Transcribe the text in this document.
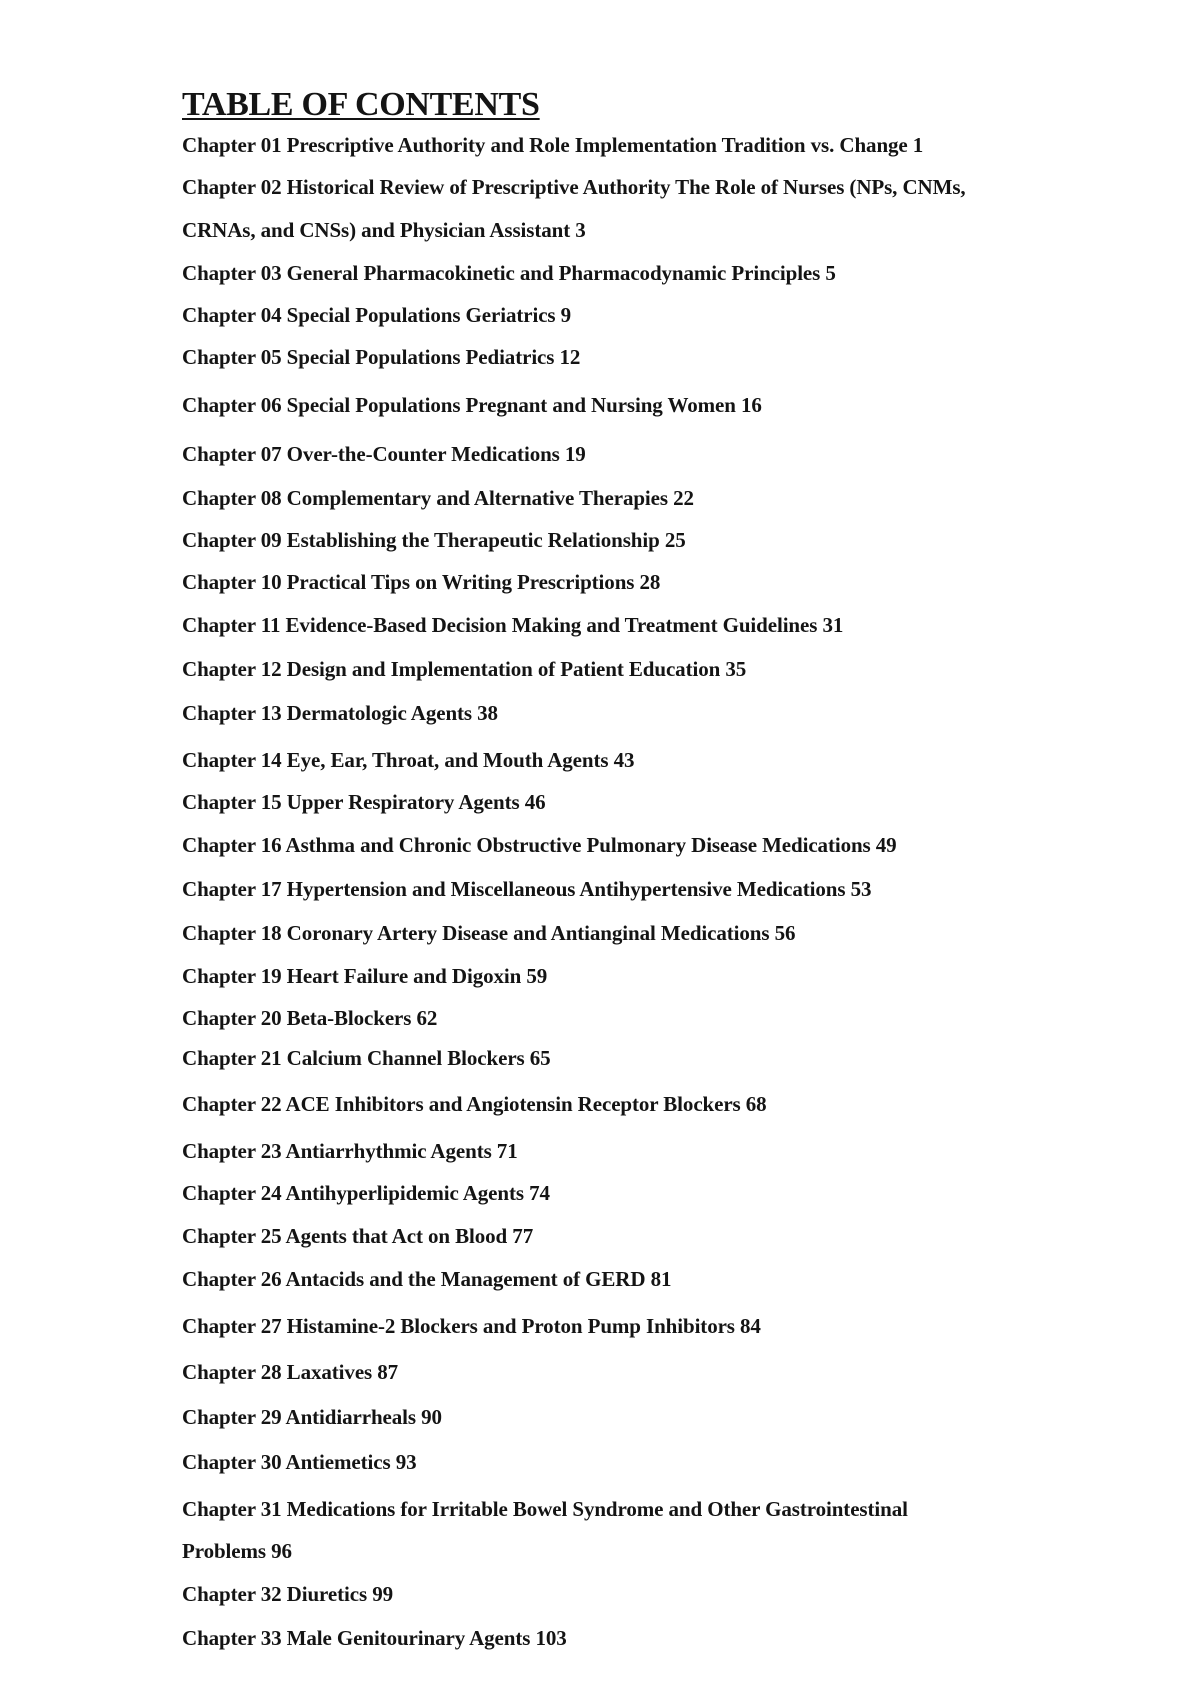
TABLE OF CONTENTS
Chapter 01 Prescriptive Authority and Role Implementation Tradition vs. Change 1
Chapter 02 Historical Review of Prescriptive Authority The Role of Nurses (NPs, CNMs,
CRNAs, and CNSs) and Physician Assistant 3
Chapter 03 General Pharmacokinetic and Pharmacodynamic Principles 5
Chapter 04 Special Populations Geriatrics 9
Chapter 05 Special Populations Pediatrics 12
Chapter 06 Special Populations Pregnant and Nursing Women 16
Chapter 07 Over-the-Counter Medications 19
Chapter 08 Complementary and Alternative Therapies 22
Chapter 09 Establishing the Therapeutic Relationship 25
Chapter 10 Practical Tips on Writing Prescriptions 28
Chapter 11 Evidence-Based Decision Making and Treatment Guidelines 31
Chapter 12 Design and Implementation of Patient Education 35
Chapter 13 Dermatologic Agents 38
Chapter 14 Eye, Ear, Throat, and Mouth Agents 43
Chapter 15 Upper Respiratory Agents 46
Chapter 16 Asthma and Chronic Obstructive Pulmonary Disease Medications 49
Chapter 17 Hypertension and Miscellaneous Antihypertensive Medications 53
Chapter 18 Coronary Artery Disease and Antianginal Medications 56
Chapter 19 Heart Failure and Digoxin 59
Chapter 20 Beta-Blockers 62
Chapter 21 Calcium Channel Blockers 65
Chapter 22 ACE Inhibitors and Angiotensin Receptor Blockers 68
Chapter 23 Antiarrhythmic Agents 71
Chapter 24 Antihyperlipidemic Agents 74
Chapter 25 Agents that Act on Blood 77
Chapter 26 Antacids and the Management of GERD 81
Chapter 27 Histamine-2 Blockers and Proton Pump Inhibitors 84
Chapter 28 Laxatives 87
Chapter 29 Antidiarrheals 90
Chapter 30 Antiemetics 93
Chapter 31 Medications for Irritable Bowel Syndrome and Other Gastrointestinal
Problems 96
Chapter 32 Diuretics 99
Chapter 33 Male Genitourinary Agents 103
